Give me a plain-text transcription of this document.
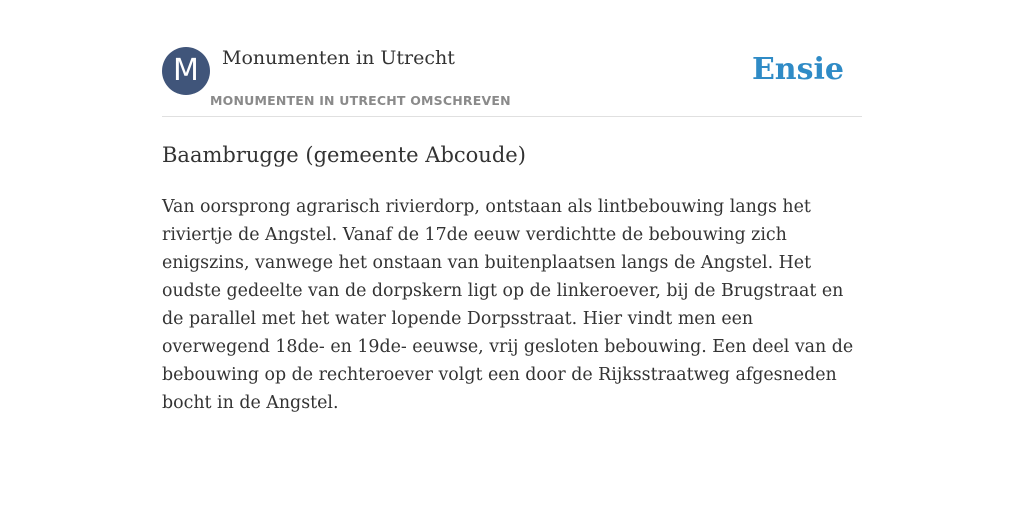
M	Monumenten in Utrecht
MONUMENTEN IN UTRECHT OMSCHREVEN
Ensie
Baambrugge (gemeente Abcoude)

Van oorsprong agrarisch rivierdorp, ontstaan als lintbebouwing langs het riviertje de Angstel. Vanaf de 17de eeuw verdichtte de bebouwing zich enigszins, vanwege het onstaan van buitenplaatsen langs de Angstel. Het oudste gedeelte van de dorpskern ligt op de linkeroever, bij de Brugstraat en de parallel met het water lopende Dorpsstraat. Hier vindt men een overwegend 18de- en 19de- eeuwse, vrij gesloten bebouwing. Een deel van de bebouwing op de rechteroever volgt een door de Rijksstraatweg afgesneden bocht in de Angstel.
